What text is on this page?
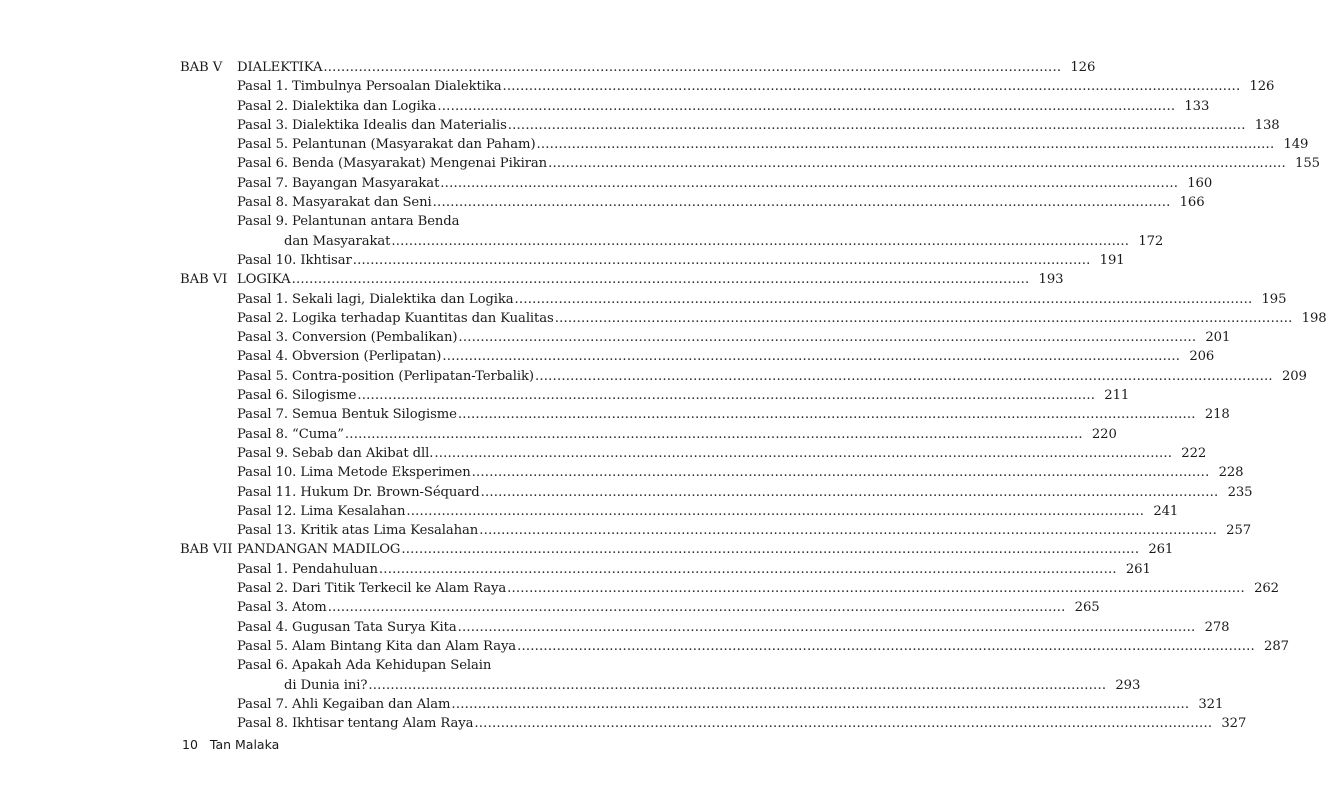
BAB V	DIALEKTIKA .....	126
Pasal 1. Timbulnya Persoalan Dialektika .....	126
Pasal 2. Dialektika dan Logika .....	133
Pasal 3. Dialektika Idealis dan Materialis .....	138
Pasal 5. Pelantunan (Masyarakat dan Paham) .....	149
Pasal 6. Benda (Masyarakat) Mengenai Pikiran .....	155
Pasal 7. Bayangan Masyarakat .....	160
Pasal 8. Masyarakat dan Seni .....	166
Pasal 9. Pelantunan antara Benda
dan Masyarakat .....	172
Pasal 10. Ikhtisar .....	191
BAB VI LOGIKA .....	193
Pasal 1. Sekali lagi, Dialektika dan Logika .....	195
Pasal 2. Logika terhadap Kuantitas dan Kualitas .....	198
Pasal 3. Conversion (Pembalikan) .....	201
Pasal 4. Obversion (Perlipatan) .....	206
Pasal 5. Contra-position (Perlipatan-Terbalik) .....	209
Pasal 6. Silogisme .....	211
Pasal 7. Semua Bentuk Silogisme .....	218
Pasal 8. “Cuma” .....	220
Pasal 9. Sebab dan Akibat dll. .....	222
Pasal 10. Lima Metode Eksperimen .....	228
Pasal 11. Hukum Dr. Brown-Séquard .....	235
Pasal 12. Lima Kesalahan .....	241
Pasal 13. Kritik atas Lima Kesalahan .....	257
BAB VII PANDANGAN MADILOG .....	261
Pasal 1. Pendahuluan .....	261
Pasal 2. Dari Titik Terkecil ke Alam Raya .....	262
Pasal 3. Atom .....	265
Pasal 4. Gugusan Tata Surya Kita .....	278
Pasal 5. Alam Bintang Kita dan Alam Raya .....	287
Pasal 6. Apakah Ada Kehidupan Selain
di Dunia ini? .....	293
Pasal 7. Ahli Kegaiban dan Alam .....	321
Pasal 8. Ikhtisar tentang Alam Raya .....	327
10 Tan Malaka
